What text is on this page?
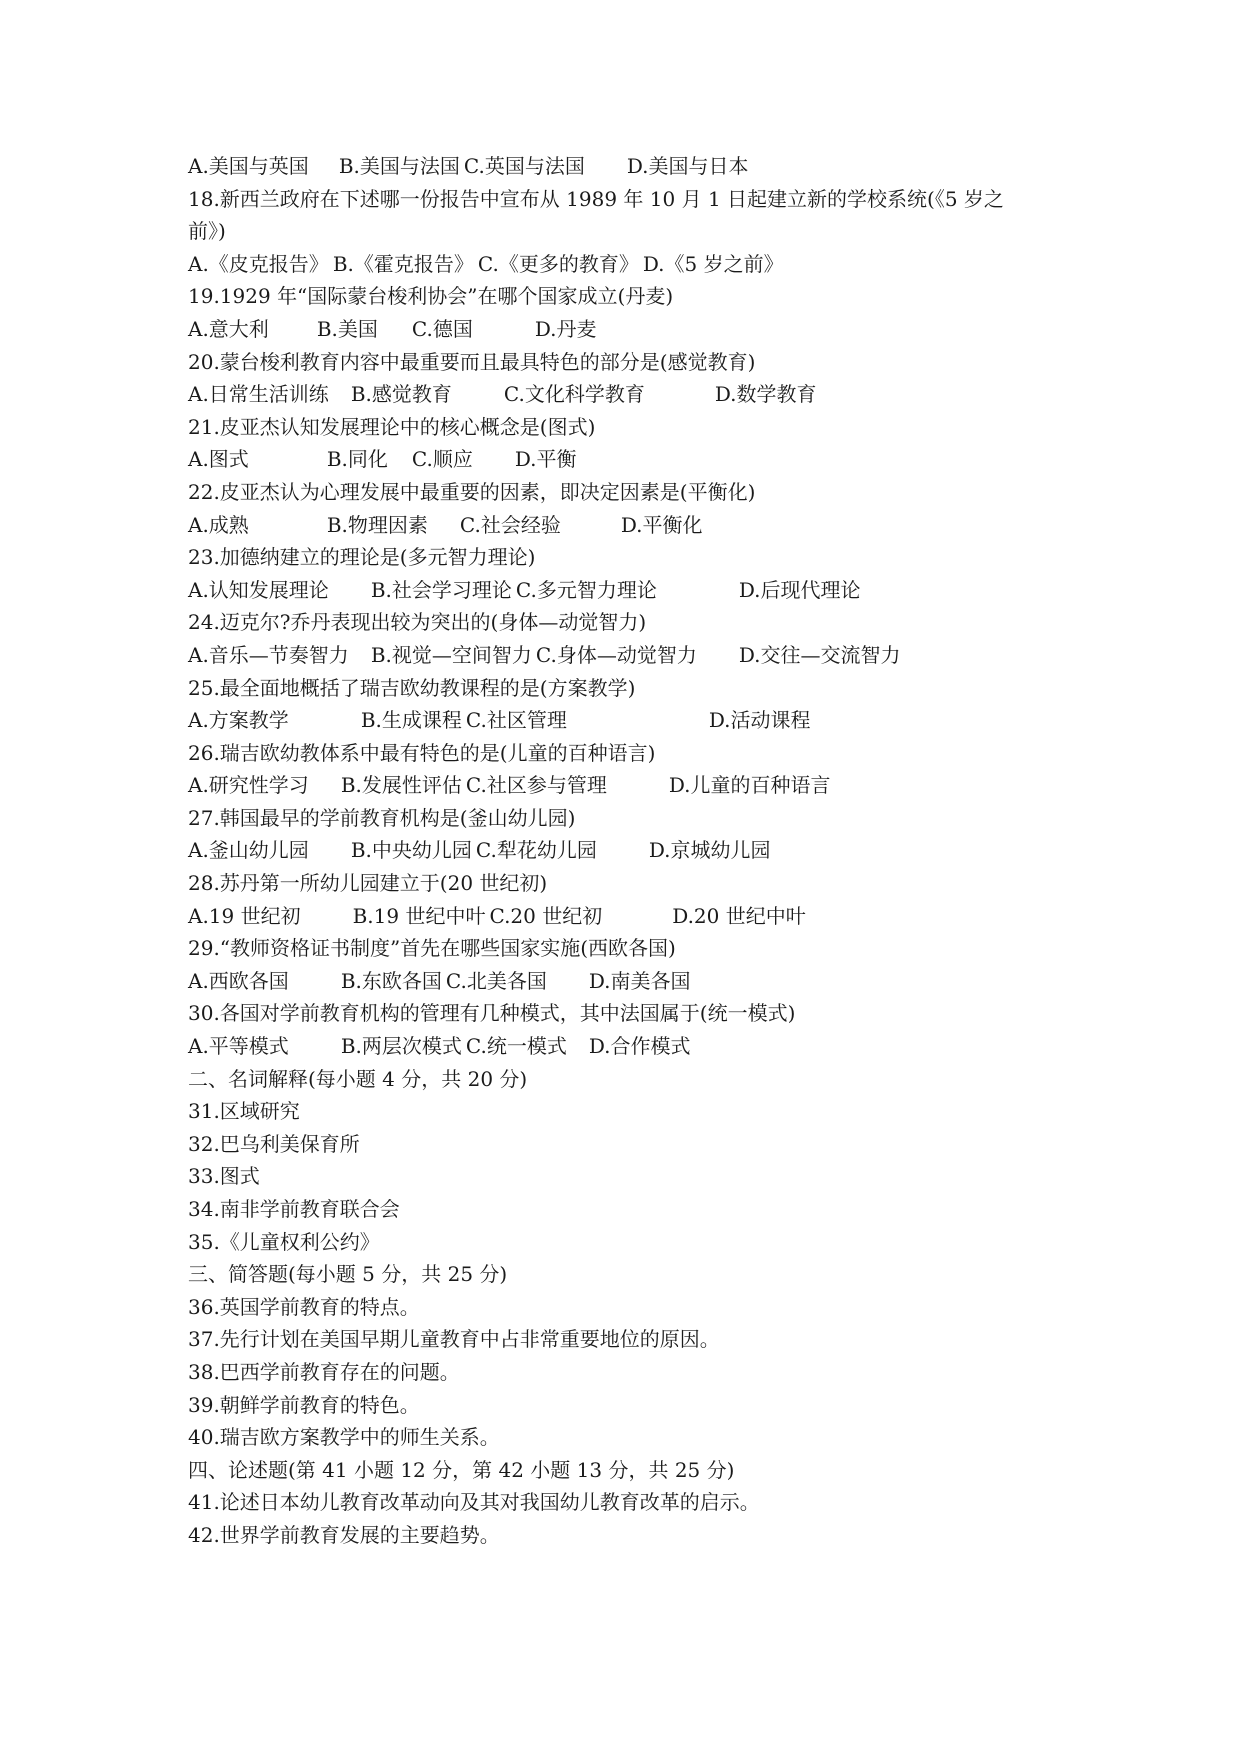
A.美国与英国 B.美国与法国 C.英国与法国 D.美国与日本
18.新西兰政府在下述哪一份报告中宣布从 1989 年 10 月 1 日起建立新的学校系统(《5 岁之
前》)
A.《皮克报告》 B.《霍克报告》 C.《更多的教育》 D.《5 岁之前》
19.1929 年“国际蒙台梭利协会”在哪个国家成立(丹麦)
A.意大利 B.美国 C.德国	D.丹麦
20.蒙台梭利教育内容中最重要而且最具特色的部分是(感觉教育)
A.日常生活训练 B.感觉教育	C.文化科学教育	D.数学教育
21.皮亚杰认知发展理论中的核心概念是(图式)
A.图式	B.同化 C.顺应 D.平衡
22.皮亚杰认为心理发展中最重要的因素，即决定因素是(平衡化)
A.成熟	B.物理因素 C.社会经验	D.平衡化
23.加德纳建立的理论是(多元智力理论)
A.认知发展理论 B.社会学习理论 C.多元智力理论	D.后现代理论
24.迈克尔?乔丹表现出较为突出的(身体—动觉智力)
A.音乐—节奏智力 B.视觉—空间智力 C.身体—动觉智力 D.交往—交流智力
25.最全面地概括了瑞吉欧幼教课程的是(方案教学)
A.方案教学	B.生成课程 C.社区管理	D.活动课程
26.瑞吉欧幼教体系中最有特色的是(儿童的百种语言)
A.研究性学习 B.发展性评估 C.社区参与管理	D.儿童的百种语言
27.韩国最早的学前教育机构是(釜山幼儿园)
A.釜山幼儿园 B.中央幼儿园 C.犁花幼儿园	D.京城幼儿园
28.苏丹第一所幼儿园建立于(20 世纪初)
A.19 世纪初	B.19 世纪中叶 C.20 世纪初	D.20 世纪中叶
29.“教师资格证书制度”首先在哪些国家实施(西欧各国)
A.西欧各国	B.东欧各国 C.北美各国 D.南美各国
30.各国对学前教育机构的管理有几种模式，其中法国属于(统一模式)
A.平等模式	B.两层次模式 C.统一模式 D.合作模式
二、名词解释(每小题 4 分，共 20 分)
31.区域研究
32.巴乌利美保育所
33.图式
34.南非学前教育联合会
35.《儿童权利公约》
三、简答题(每小题 5 分，共 25 分)
36.英国学前教育的特点。
37.先行计划在美国早期儿童教育中占非常重要地位的原因。
38.巴西学前教育存在的问题。
39.朝鲜学前教育的特色。
40.瑞吉欧方案教学中的师生关系。
四、论述题(第 41 小题 12 分，第 42 小题 13 分，共 25 分)
41.论述日本幼儿教育改革动向及其对我国幼儿教育改革的启示。
42.世界学前教育发展的主要趋势。
